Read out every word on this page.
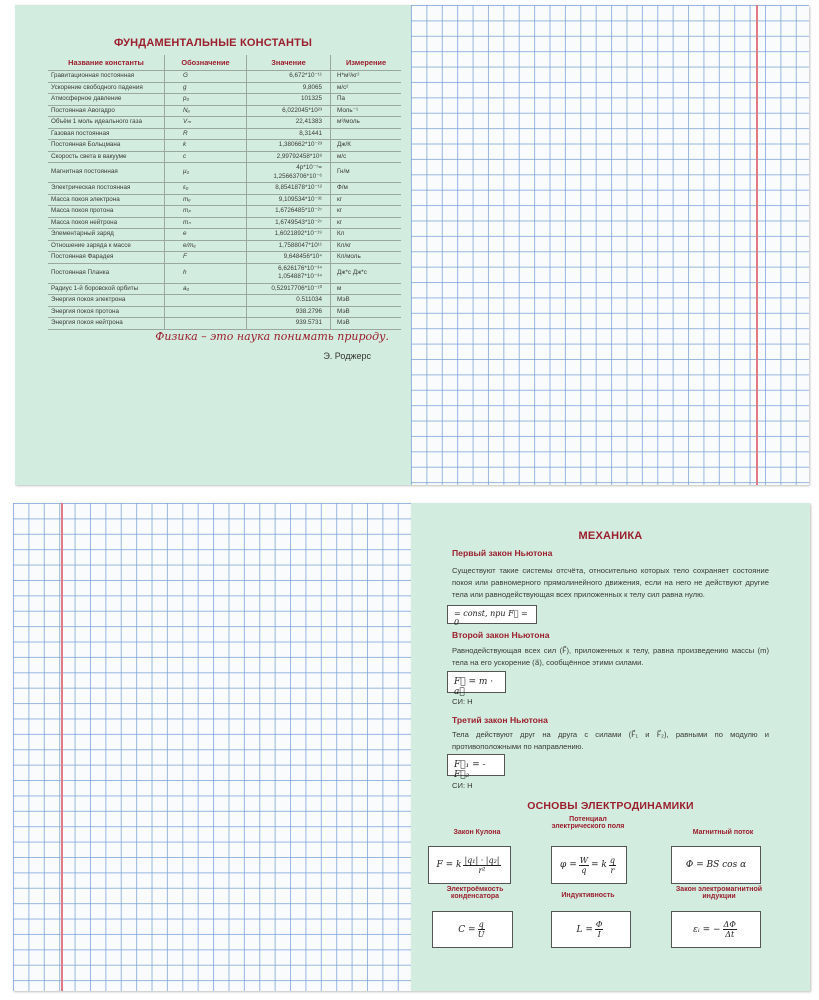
ФУНДАМЕНТАЛЬНЫЕ КОНСТАНТЫ
Название константы	Обозначение	Значение	Измерение
Гравитационная постоянная	G	6,672*10⁻¹¹	Н*м²/кг²
Ускорение свободного падения	g	9,8065	м/с²
Атмосферное давление	p₀	101325	Па
Постоянная Авогадро	Nₐ	6,022045*10²³	Моль⁻¹
Объём 1 моль идеального газа	Vₘ	22,41383	м³/моль
Газовая постоянная	R	8,31441	
Постоянная Больцмана	k	1,380662*10⁻²³	Дж/К
Скорость света в вакууме	c	2,99792458*10⁸	м/с
Магнитная постоянная	μ₀	4р*10⁻⁷= 1,25663706*10⁻⁶	Гн/м
Электрическая постоянная	ε₀	8,8541878*10⁻¹²	Ф/м
Масса покоя электрона	mₑ	9,109534*10⁻³¹	кг
Масса покоя протона	mₚ	1,6726485*10⁻²⁷	кг
Масса покоя нейтрона	mₙ	1,6749543*10⁻²⁷	кг
Элементарный заряд	e	1,6021892*10⁻¹⁹	Кл
Отношение заряда к массе	e/mₑ	1,7588047*10¹¹	Кл/кг
Постоянная Фарадея	F	9,648456*10⁴	Кл/моль
Постоянная Планка	h	6,626176*10⁻³⁴ 1,054887*10⁻³⁴	Дж*с Дж*с
Радиус 1-й боровской орбиты	a₀	0,52917706*10⁻¹⁰	м
Энергия покоя электрона		0.511034	МэВ
Энергия покоя протона		938.2796	МэВ
Энергия покоя нейтрона		939.5731	МэВ
Физика – это наука понимать природу.
Э. Роджерс
МЕХАНИКА
Первый закон Ньютона
Существуют такие системы отсчёта, относительно которых тело сохраняет состояние покоя или равномерного прямолинейного движения, если на него не действуют другие тела или равнодействующая всех приложенных к телу сил равна нулю.
= const, при F⃗ = 0
Второй закон Ньютона
Равнодействующая всех сил (F⃗), приложенных к телу, равна произведению массы (m) тела на его ускорение (a⃗), сообщённое этими силами.
F⃗ = m · a⃗
СИ: Н
Третий закон Ньютона
Тела действуют друг на друга с силами (F⃗₁ и F⃗₂), равными по модулю и противоположными по направлению.
F⃗₁ = -F⃗₂
СИ: Н
ОСНОВЫ ЭЛЕКТРОДИНАМИКИ
Закон Кулона
Потенциал электрического поля
Магнитный поток
F = k $\frac{\text{|q₁| · |q₂|}}{\text{r²}}$	$\varphi = \frac{W}{q} = k \frac{q}{r}$	Φ = BS cos α
Электроёмкость конденсатора	Индуктивность
Закон электромагнитной индукции
$C = \frac{q}{U}$	$L = \frac{\Phi}{I}$	εᵢ = − $\frac{\Delta\Phi}{\Delta t}$
